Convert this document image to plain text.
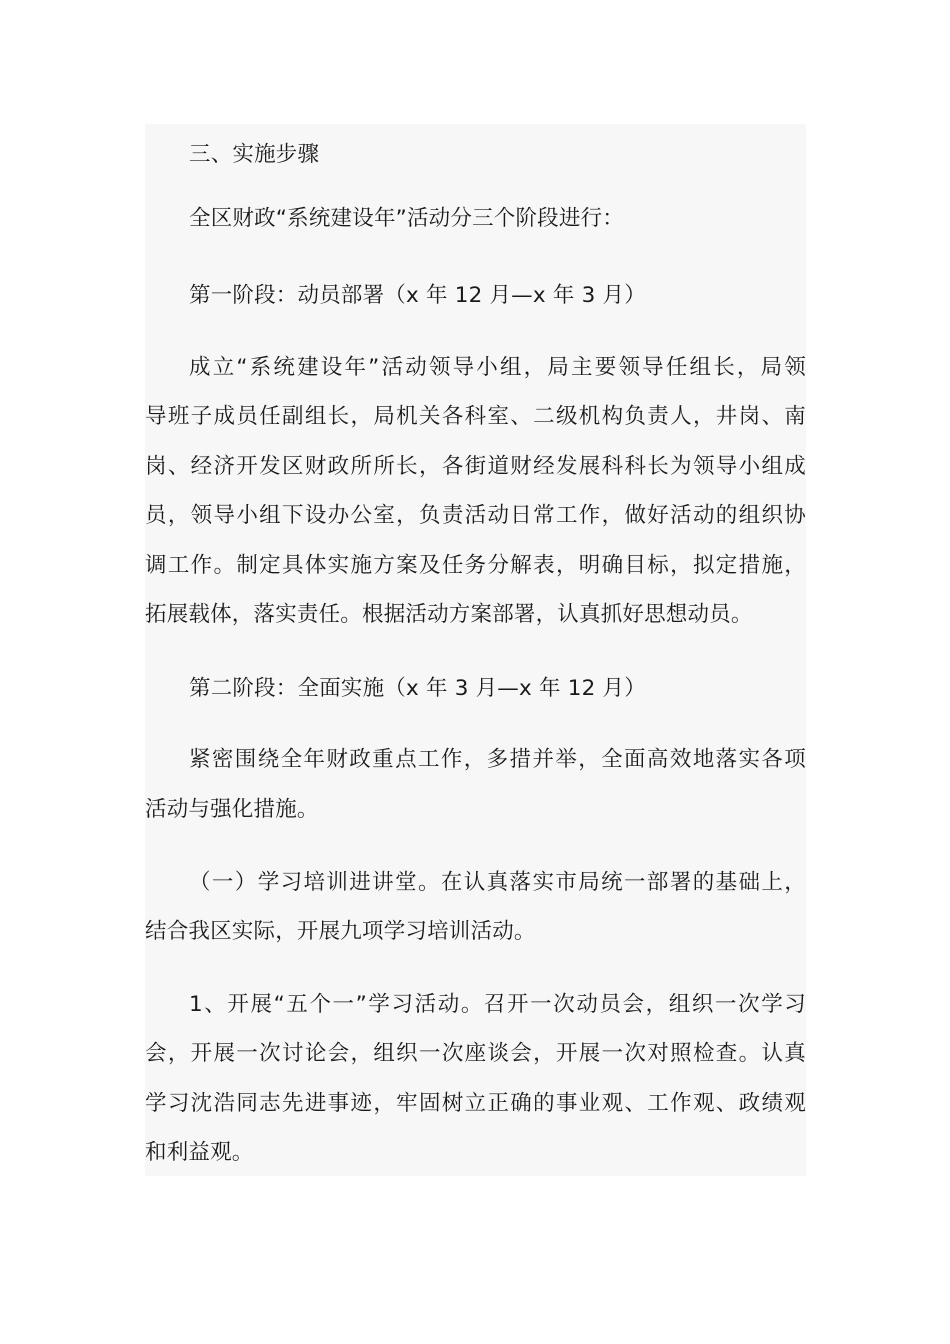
三、实施步骤
全区财政“系统建设年”活动分三个阶段进行：
第一阶段：动员部署（x 年 12 月—x 年 3 月）
成立“系统建设年”活动领导小组，局主要领导任组长，局领
导班子成员任副组长，局机关各科室、二级机构负责人，井岗、南
岗、经济开发区财政所所长，各街道财经发展科科长为领导小组成
员，领导小组下设办公室，负责活动日常工作，做好活动的组织协
调工作。制定具体实施方案及任务分解表，明确目标，拟定措施，
拓展载体，落实责任。根据活动方案部署，认真抓好思想动员。
第二阶段：全面实施（x 年 3 月—x 年 12 月）
紧密围绕全年财政重点工作，多措并举，全面高效地落实各项
活动与强化措施。
（一）学习培训进讲堂。在认真落实市局统一部署的基础上，
结合我区实际，开展九项学习培训活动。
1、开展“五个一”学习活动。召开一次动员会，组织一次学习
会，开展一次讨论会，组织一次座谈会，开展一次对照检查。认真
学习沈浩同志先进事迹，牢固树立正确的事业观、工作观、政绩观
和利益观。
